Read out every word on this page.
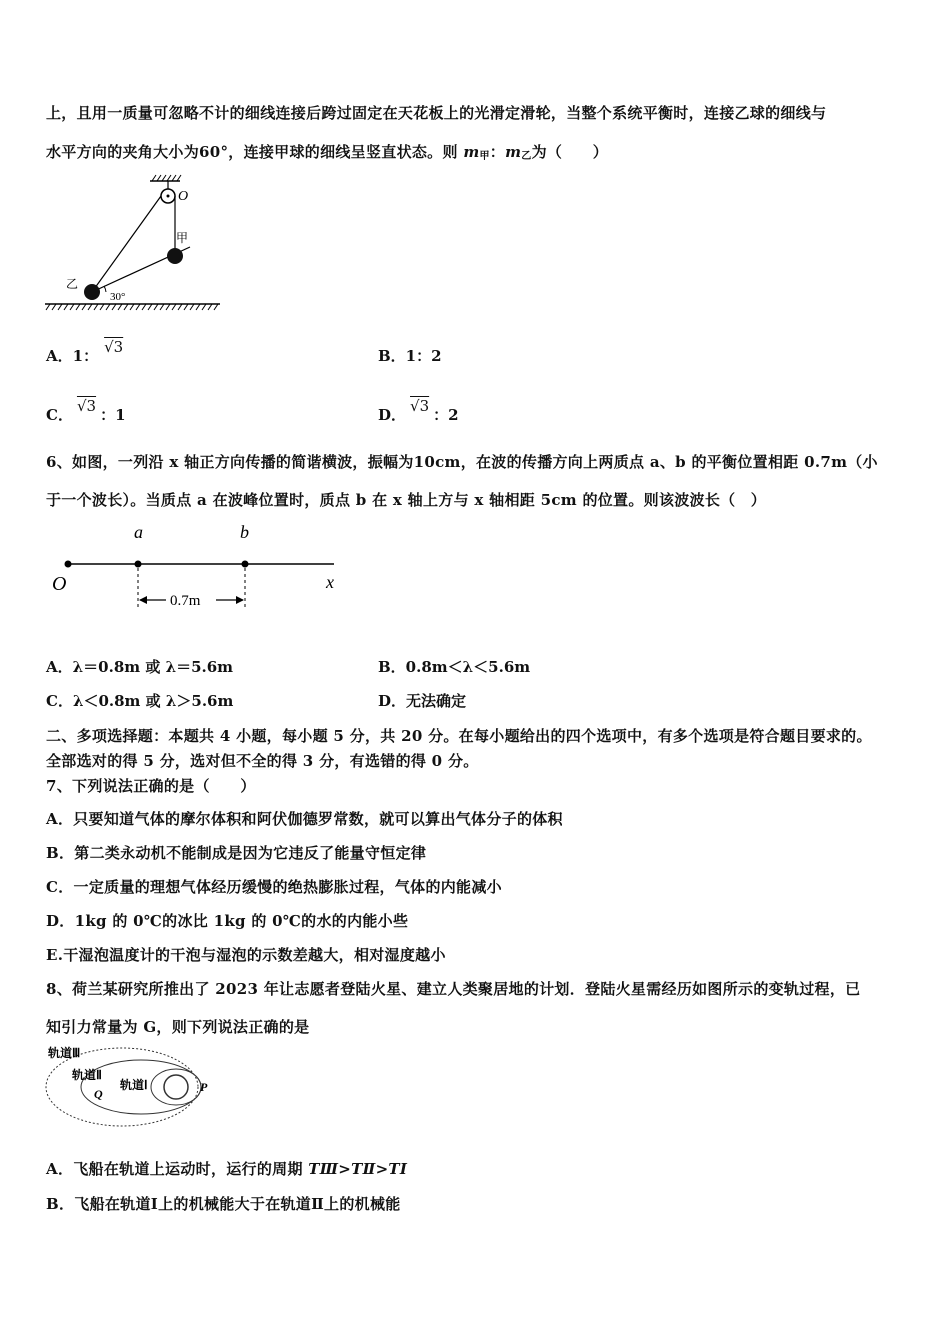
上，且用一质量可忽略不计的细线连接后跨过固定在天花板上的光滑定滑轮，当整个系统平衡时，连接乙球的细线与
水平方向的夹角大小为60°，连接甲球的细线呈竖直状态。则 $m_甲$：$m_乙$为（　　）
O
甲
乙
30°
A．1： √3	B．1：2
C． √3 ：1	D． √3 ：2
6、如图，一列沿 x 轴正方向传播的简谐横波，振幅为10cm，在波的传播方向上两质点 a、b 的平衡位置相距 0.7m（小
于一个波长）。当质点 a 在波峰位置时，质点 b 在 x 轴上方与 x 轴相距 5cm 的位置。则该波波长（　）
a	b
O	x
0.7m
A．λ＝0.8m 或 λ＝5.6m	B．0.8m＜λ＜5.6m
C．λ＜0.8m 或 λ＞5.6m	D．无法确定
二、多项选择题：本题共 4 小题，每小题 5 分，共 20 分。在每小题给出的四个选项中，有多个选项是符合题目要求的。
全部选对的得 5 分，选对但不全的得 3 分，有选错的得 0 分。
7、下列说法正确的是（　　）
A．只要知道气体的摩尔体积和阿伏伽德罗常数，就可以算出气体分子的体积
B．第二类永动机不能制成是因为它违反了能量守恒定律
C．一定质量的理想气体经历缓慢的绝热膨胀过程，气体的内能减小
D．1kg 的 0℃的冰比 1kg 的 0℃的水的内能小些
E.干湿泡温度计的干泡与湿泡的示数差越大，相对湿度越小
8、荷兰某研究所推出了 2023 年让志愿者登陆火星、建立人类聚居地的计划．登陆火星需经历如图所示的变轨过程，已
知引力常量为 G，则下列说法正确的是
轨道Ⅲ
轨道Ⅱ
轨道Ⅰ
Q	P
A．飞船在轨道上运动时，运行的周期 TⅢ>TⅡ>TⅠ
B．飞船在轨道Ⅰ上的机械能大于在轨道Ⅱ上的机械能
